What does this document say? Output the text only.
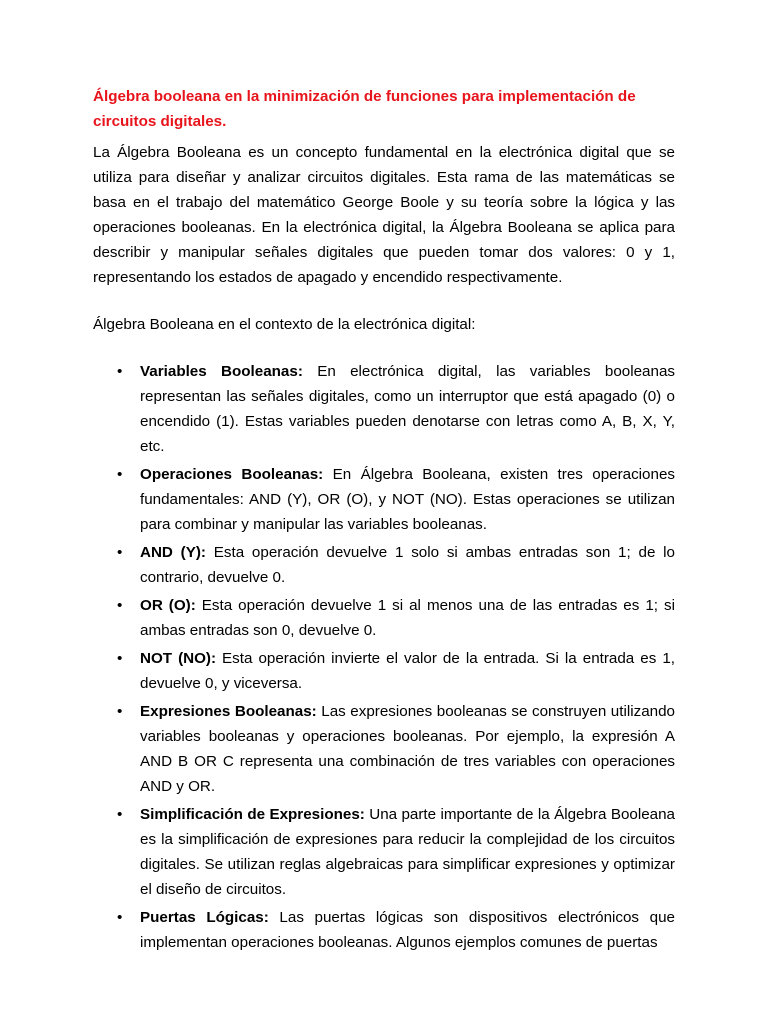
Álgebra booleana en la minimización de funciones para implementación de circuitos digitales.

La Álgebra Booleana es un concepto fundamental en la electrónica digital que se utiliza para diseñar y analizar circuitos digitales. Esta rama de las matemáticas se basa en el trabajo del matemático George Boole y su teoría sobre la lógica y las operaciones booleanas. En la electrónica digital, la Álgebra Booleana se aplica para describir y manipular señales digitales que pueden tomar dos valores: 0 y 1, representando los estados de apagado y encendido respectivamente.

Álgebra Booleana en el contexto de la electrónica digital:

• Variables Booleanas: En electrónica digital, las variables booleanas representan las señales digitales, como un interruptor que está apagado (0) o encendido (1). Estas variables pueden denotarse con letras como A, B, X, Y, etc.
• Operaciones Booleanas: En Álgebra Booleana, existen tres operaciones fundamentales: AND (Y), OR (O), y NOT (NO). Estas operaciones se utilizan para combinar y manipular las variables booleanas.
• AND (Y): Esta operación devuelve 1 solo si ambas entradas son 1; de lo contrario, devuelve 0.
• OR (O): Esta operación devuelve 1 si al menos una de las entradas es 1; si ambas entradas son 0, devuelve 0.
• NOT (NO): Esta operación invierte el valor de la entrada. Si la entrada es 1, devuelve 0, y viceversa.
• Expresiones Booleanas: Las expresiones booleanas se construyen utilizando variables booleanas y operaciones booleanas. Por ejemplo, la expresión A AND B OR C representa una combinación de tres variables con operaciones AND y OR.
• Simplificación de Expresiones: Una parte importante de la Álgebra Booleana es la simplificación de expresiones para reducir la complejidad de los circuitos digitales. Se utilizan reglas algebraicas para simplificar expresiones y optimizar el diseño de circuitos.
• Puertas Lógicas: Las puertas lógicas son dispositivos electrónicos que implementan operaciones booleanas. Algunos ejemplos comunes de puertas
